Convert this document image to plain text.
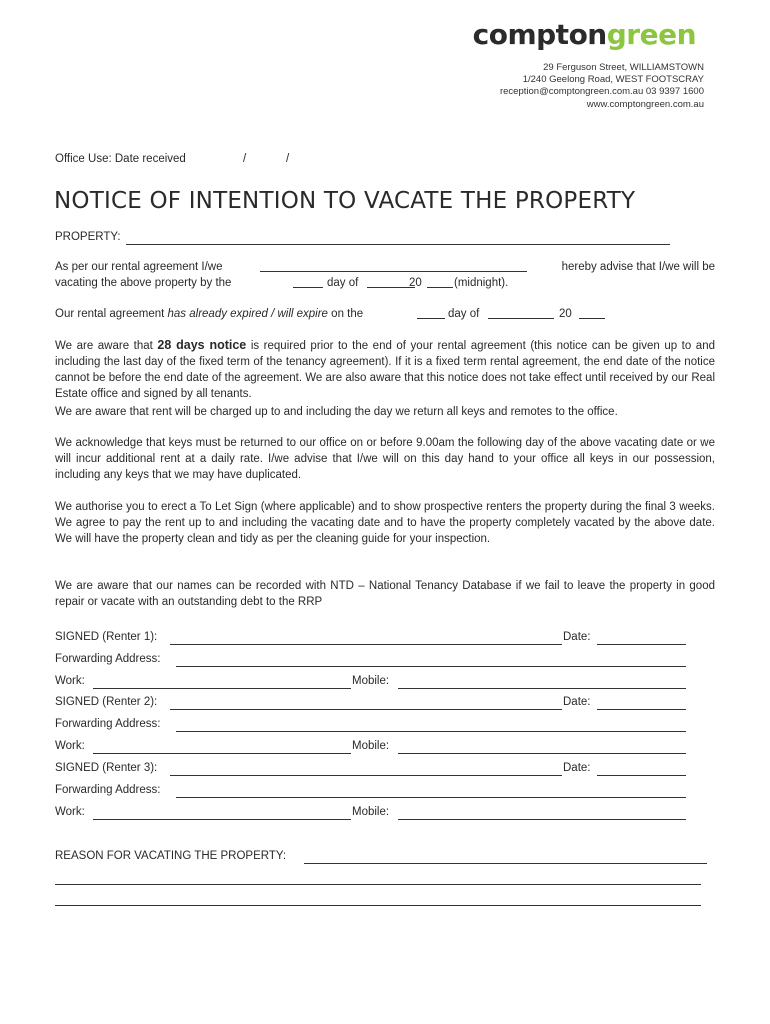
comptongreen
29 Ferguson Street, WILLIAMSTOWN
1/240 Geelong Road, WEST FOOTSCRAY
reception@comptongreen.com.au 03 9397 1600
www.comptongreen.com.au
Office Use: Date received	/	/
NOTICE OF INTENTION TO VACATE THE PROPERTY
PROPERTY:
As per our rental agreement I/we	hereby advise that I/we will be
vacating the above property by the	day of	20	(midnight).
Our rental agreement has already expired / will expire on the	day of	20
We are aware that 28 days notice is required prior to the end of your rental agreement (this notice can be given up to and including the last day of the fixed term of the tenancy agreement). If it is a fixed term rental agreement, the end date of the notice cannot be before the end date of the agreement. We are also aware that this notice does not take effect until received by our Real Estate office and signed by all tenants.
We are aware that rent will be charged up to and including the day we return all keys and remotes to the office.
We acknowledge that keys must be returned to our office on or before 9.00am the following day of the above vacating date or we will incur additional rent at a daily rate. I/we advise that I/we will on this day hand to your office all keys in our possession, including any keys that we may have duplicated.
We authorise you to erect a To Let Sign (where applicable) and to show prospective renters the property during the final 3 weeks. We agree to pay the rent up to and including the vacating date and to have the property completely vacated by the above date. We will have the property clean and tidy as per the cleaning guide for your inspection.
We are aware that our names can be recorded with NTD – National Tenancy Database if we fail to leave the property in good repair or vacate with an outstanding debt to the RRP
SIGNED (Renter 1):	Date:
Forwarding Address:
Work:	Mobile:
SIGNED (Renter 2):	Date:
Forwarding Address:
Work:	Mobile:
SIGNED (Renter 3):	Date:
Forwarding Address:
Work:	Mobile:
REASON FOR VACATING THE PROPERTY:
